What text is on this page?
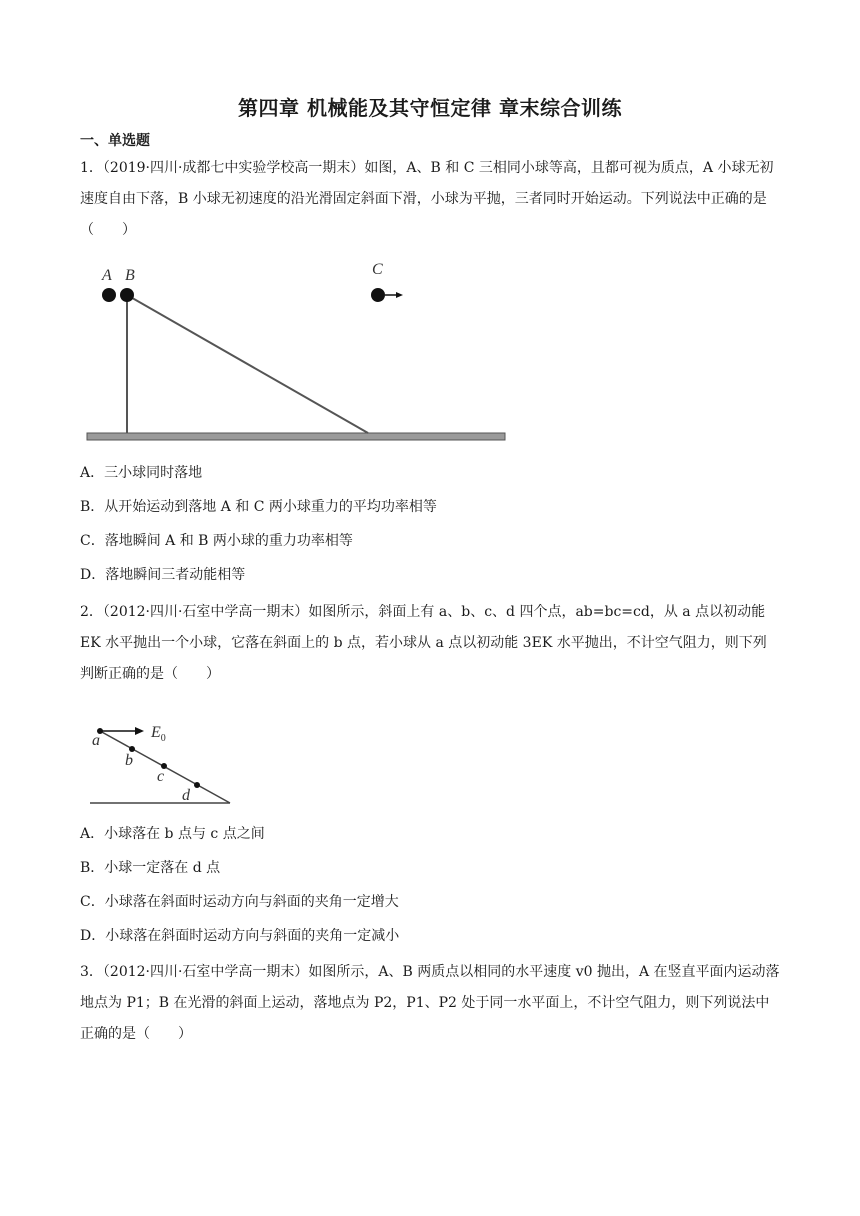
第四章 机械能及其守恒定律 章末综合训练
一、单选题
1．（2019·四川·成都七中实验学校高一期末）如图，A、B 和 C 三相同小球等高，且都可视为质点，A 小球无初速度自由下落，B 小球无初速度的沿光滑固定斜面下滑，小球为平抛，三者同时开始运动。下列说法中正确的是（　　）
A B	C
A．三小球同时落地
B．从开始运动到落地 A 和 C 两小球重力的平均功率相等
C．落地瞬间 A 和 B 两小球的重力功率相等
D．落地瞬间三者动能相等
2．（2012·四川·石室中学高一期末）如图所示，斜面上有 a、b、c、d 四个点，ab=bc=cd，从 a 点以初动能 EK 水平抛出一个小球，它落在斜面上的 b 点，若小球从 a 点以初动能 3EK 水平抛出，不计空气阻力，则下列判断正确的是（　　）
a
b
c
d
$E_0$
A．小球落在 b 点与 c 点之间
B．小球一定落在 d 点
C．小球落在斜面时运动方向与斜面的夹角一定增大
D．小球落在斜面时运动方向与斜面的夹角一定减小
3．（2012·四川·石室中学高一期末）如图所示，A、B 两质点以相同的水平速度 v0 抛出，A 在竖直平面内运动落地点为 P1；B 在光滑的斜面上运动，落地点为 P2，P1、P2 处于同一水平面上，不计空气阻力，则下列说法中正确的是（　　）
